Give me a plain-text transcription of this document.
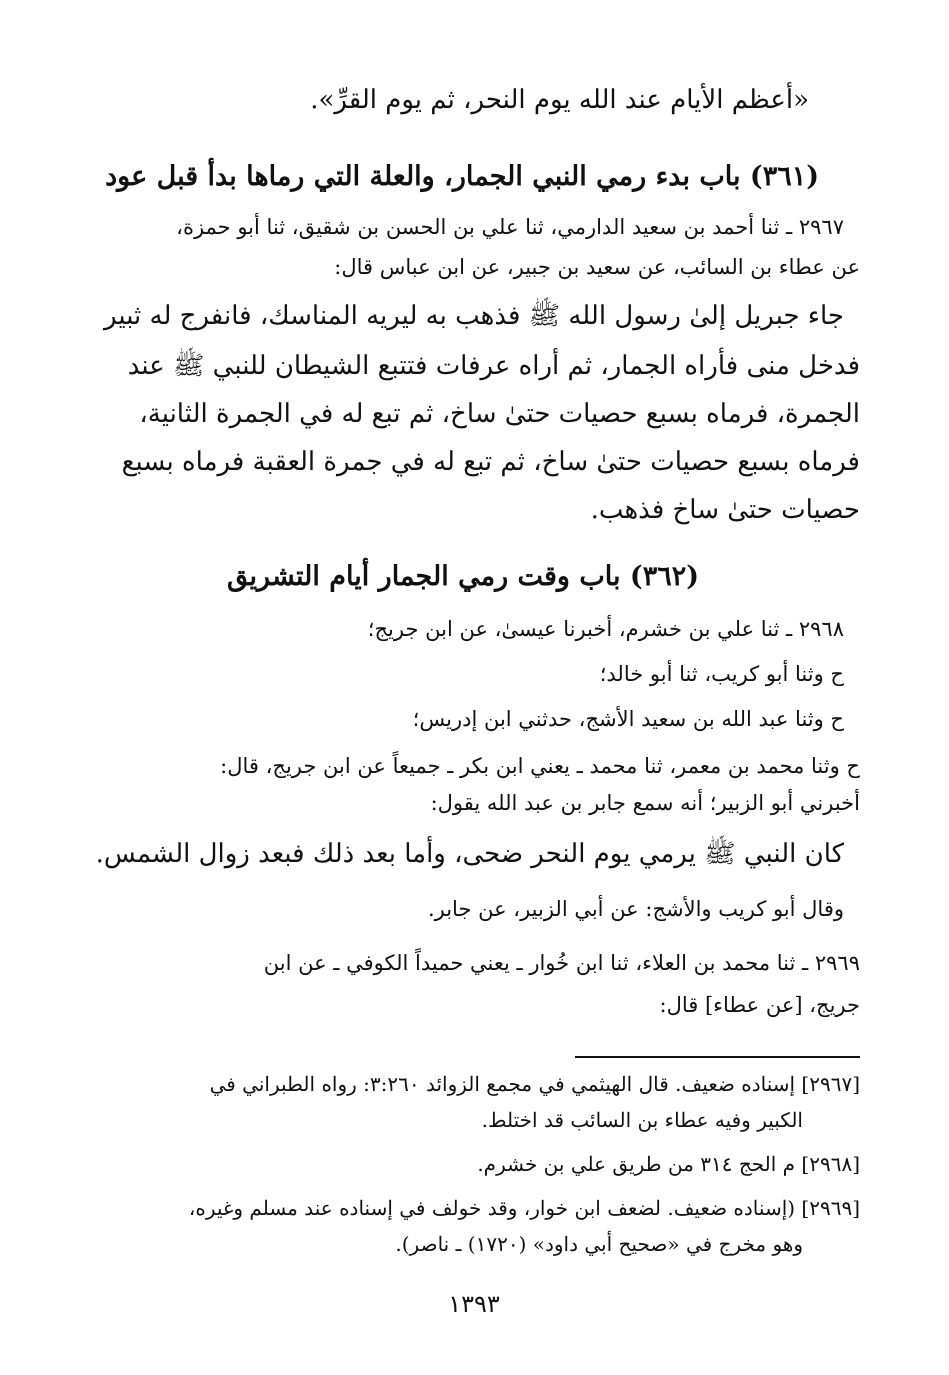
«أعظم الأيام عند الله يوم النحر، ثم يوم القرِّ».
(٣٦١) باب بدء رمي النبي الجمار، والعلة التي رماها بدأ قبل عود
٢٩٦٧ ـ ثنا أحمد بن سعيد الدارمي، ثنا علي بن الحسن بن شقيق، ثنا أبو حمزة،
عن عطاء بن السائب، عن سعيد بن جبير، عن ابن عباس قال:
جاء جبريل إلىٰ رسول الله ﷺ فذهب به ليريه المناسك، فانفرج له ثبير
فدخل منى فأراه الجمار، ثم أراه عرفات فتتبع الشيطان للنبي ﷺ عند
الجمرة، فرماه بسبع حصيات حتىٰ ساخ، ثم تبع له في الجمرة الثانية،
فرماه بسبع حصيات حتىٰ ساخ، ثم تبع له في جمرة العقبة فرماه بسبع
حصيات حتىٰ ساخ فذهب.
(٣٦٢) باب وقت رمي الجمار أيام التشريق
٢٩٦٨ ـ ثنا علي بن خشرم، أخبرنا عيسىٰ، عن ابن جريج؛
ح وثنا أبو كريب، ثنا أبو خالد؛
ح وثنا عبد الله بن سعيد الأشج، حدثني ابن إدريس؛
ح وثنا محمد بن معمر، ثنا محمد ـ يعني ابن بكر ـ جميعاً عن ابن جريج، قال:
أخبرني أبو الزبير؛ أنه سمع جابر بن عبد الله يقول:
كان النبي ﷺ يرمي يوم النحر ضحى، وأما بعد ذلك فبعد زوال الشمس.
وقال أبو كريب والأشج: عن أبي الزبير، عن جابر.
٢٩٦٩ ـ ثنا محمد بن العلاء، ثنا ابن خُوار ـ يعني حميداً الكوفي ـ عن ابن
جريج، [عن عطاء] قال:
[٢٩٦٧] إسناده ضعيف. قال الهيثمي في مجمع الزوائد ٣:٢٦٠: رواه الطبراني في
الكبير وفيه عطاء بن السائب قد اختلط.
[٢٩٦٨] م الحج ٣١٤ من طريق علي بن خشرم.
[٢٩٦٩] (إسناده ضعيف. لضعف ابن خوار، وقد خولف في إسناده عند مسلم وغيره،
وهو مخرج في «صحيح أبي داود» (١٧٢٠) ـ ناصر).
١٣٩٣
